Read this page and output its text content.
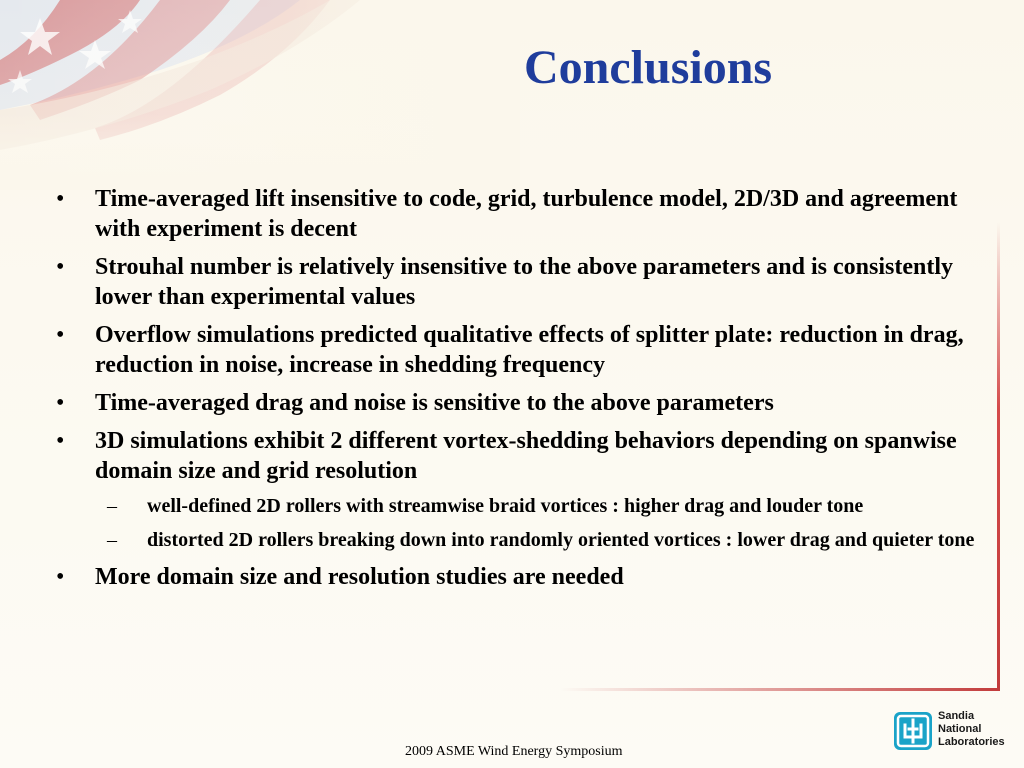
Conclusions
• Time-averaged lift insensitive to code, grid, turbulence model, 2D/3D and agreement with experiment is decent
• Strouhal number is relatively insensitive to the above parameters and is consistently lower than experimental values
• Overflow simulations predicted qualitative effects of splitter plate: reduction in drag, reduction in noise, increase in shedding frequency
• Time-averaged drag and noise is sensitive to the above parameters
• 3D simulations exhibit 2 different vortex-shedding behaviors depending on spanwise domain size and grid resolution
– well-defined 2D rollers with streamwise braid vortices : higher drag and louder tone
– distorted 2D rollers breaking down into randomly oriented vortices : lower drag and quieter tone
• More domain size and resolution studies are needed
2009 ASME Wind Energy Symposium
Sandia
National
Laboratories
